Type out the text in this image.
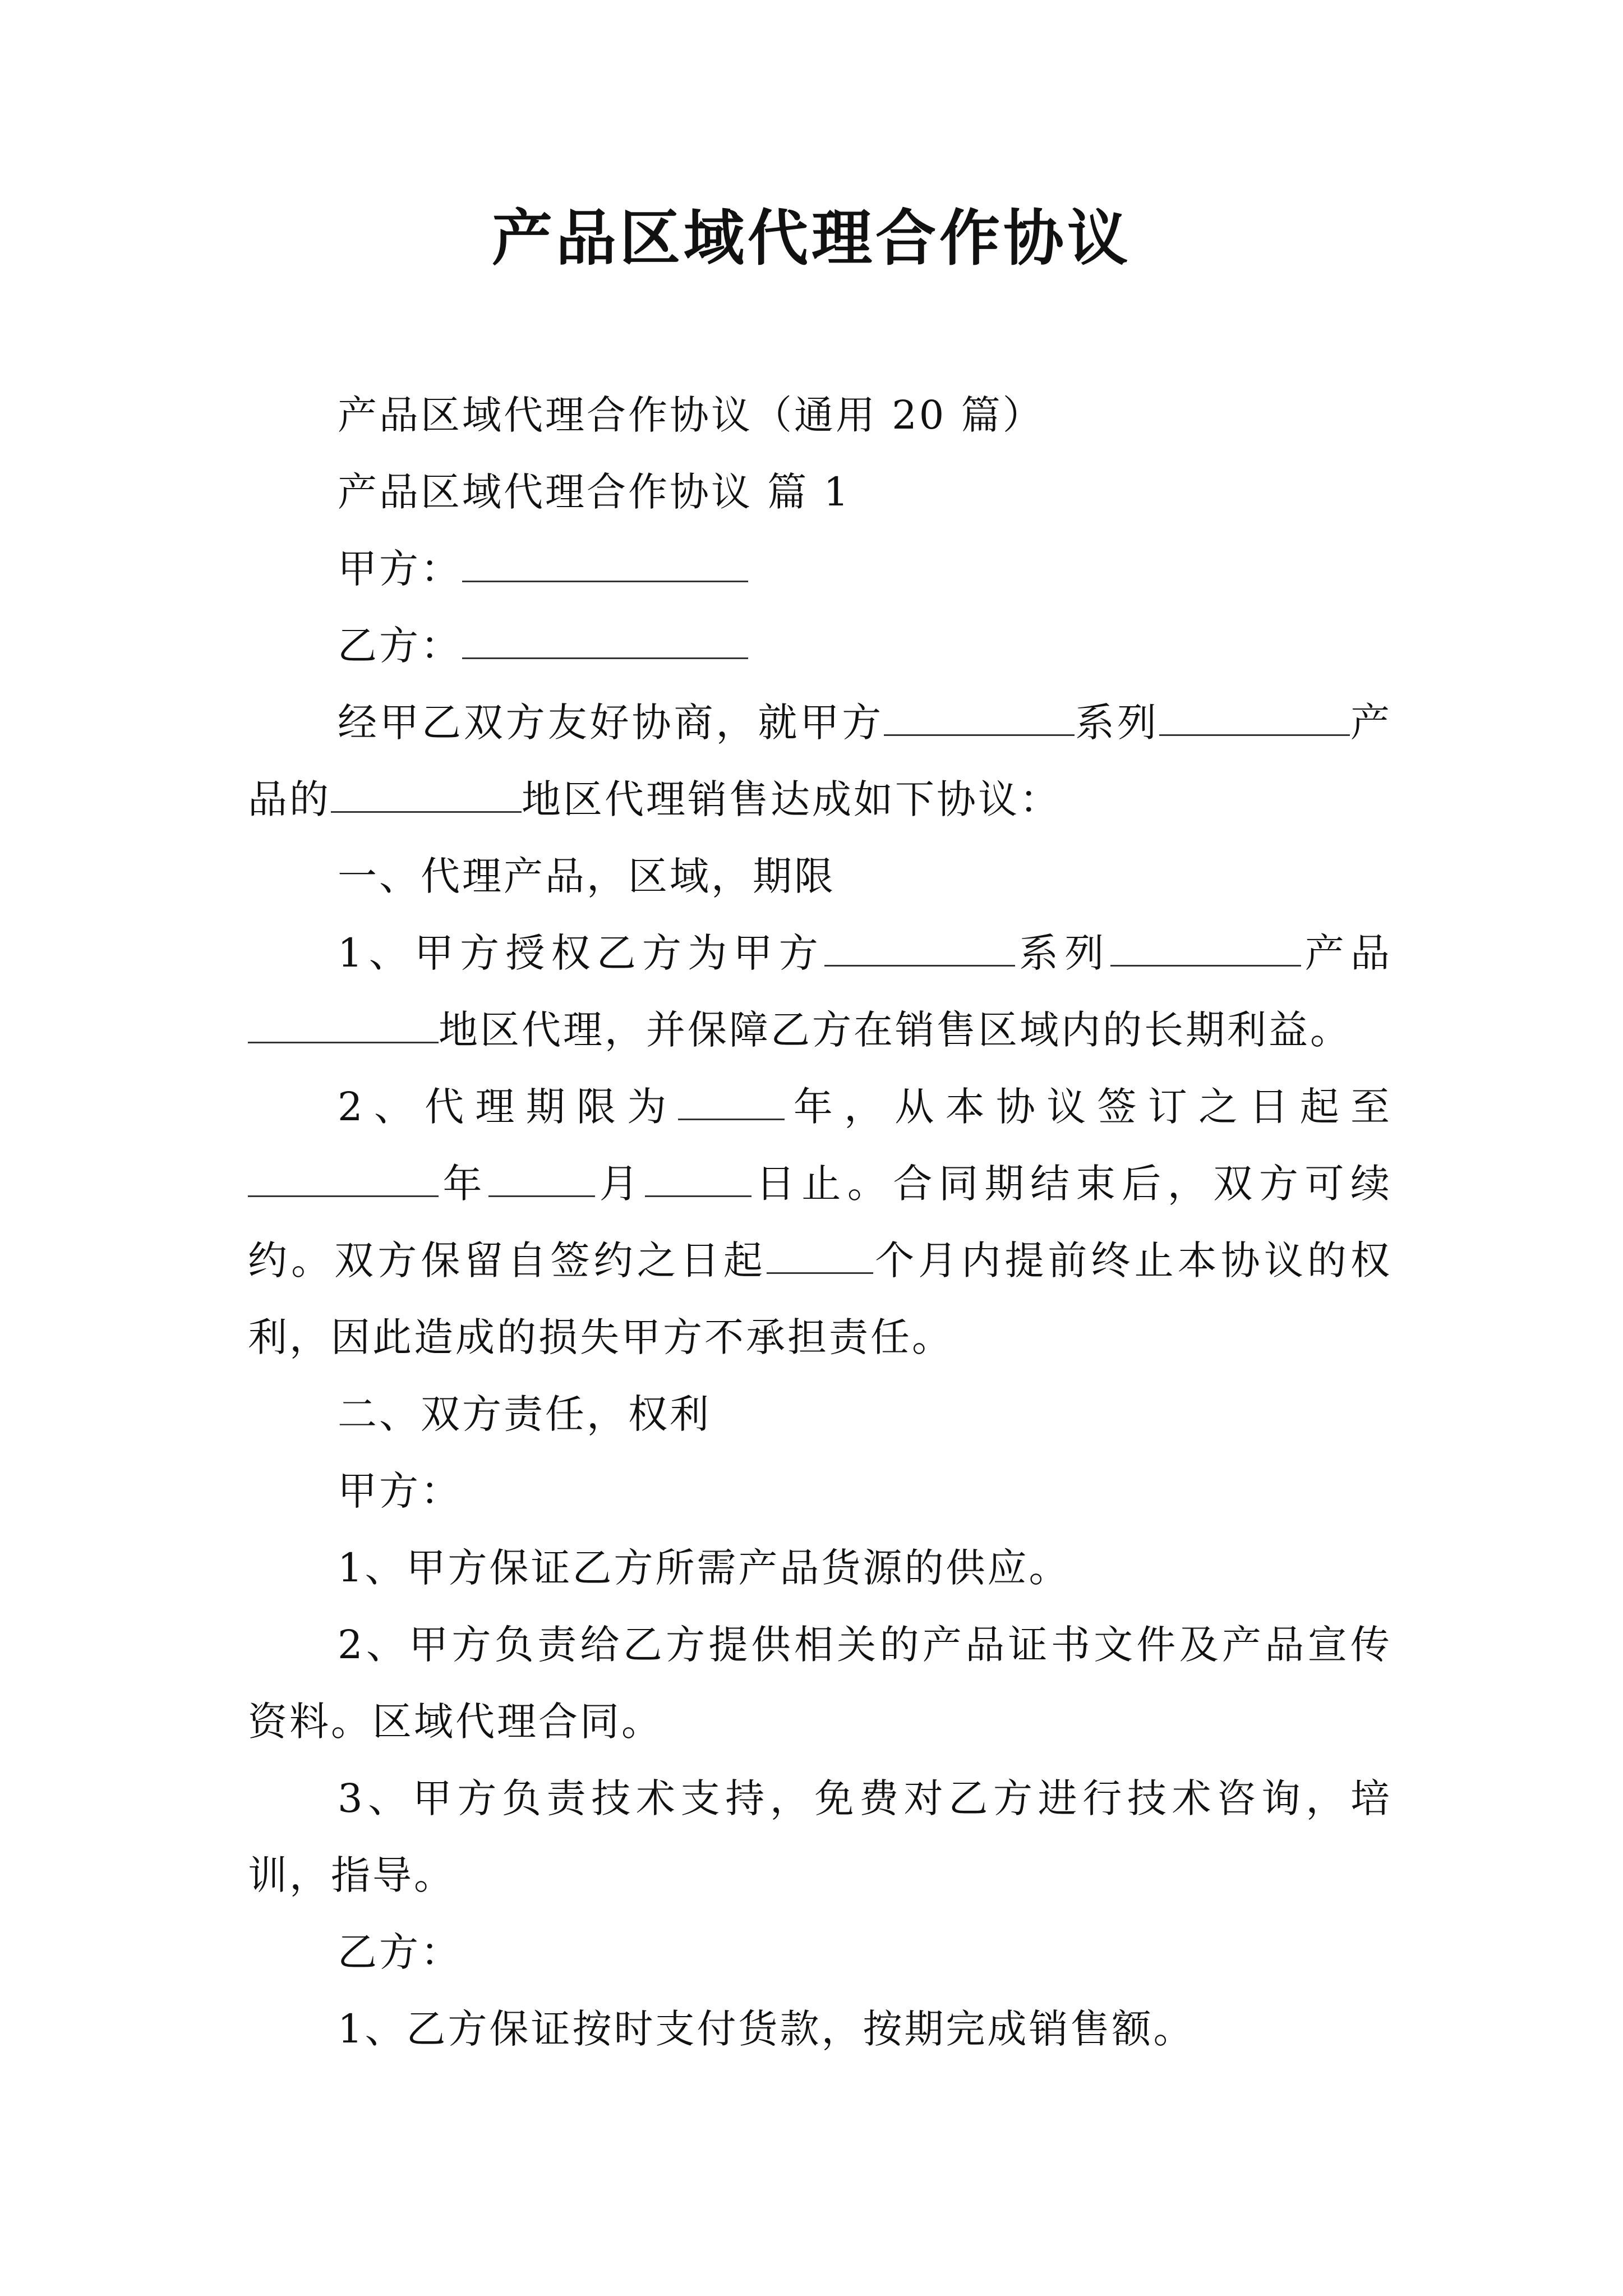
产品区域代理合作协议

产品区域代理合作协议（通用 20 篇）

产品区域代理合作协议 篇 1

甲方：

乙方：

经甲乙双方友好协商，就甲方	系列	产品的	地区代理销售达成如下协议：

一、代理产品，区域，期限

1、甲方授权乙方为甲方	系列	产品地区代理，并保障乙方在销售区域内的长期利益。

2、代理期限为	年，从本协议签订之日起至年	月	日止。合同期结束后，双方可续约。双方保留自签约之日起	个月内提前终止本协议的权利，因此造成的损失甲方不承担责任。

二、双方责任，权利

甲方：

1、甲方保证乙方所需产品货源的供应。

2、甲方负责给乙方提供相关的产品证书文件及产品宣传资料。区域代理合同。

3、甲方负责技术支持，免费对乙方进行技术咨询，培训，指导。

乙方：

1、乙方保证按时支付货款，按期完成销售额。
